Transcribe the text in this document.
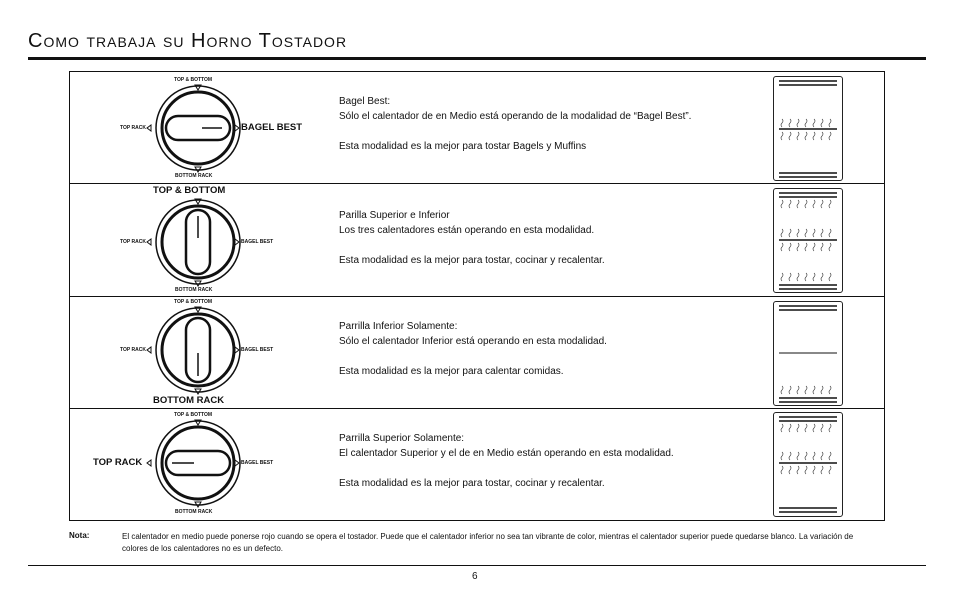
Como trabaja su Horno Tostador
TOP & BOTTOM
BOTTOM RACK
TOP RACK	BAGEL BEST

Bagel Best:

Sólo el calentador de en Medio está operando de la modalidad de “Bagel Best”.

Esta modalidad es la mejor para tostar Bagels y Muffins

TOP & BOTTOM
BOTTOM RACK
TOP RACK	BAGEL BEST

Parilla Superior e Inferior

Los tres calentadores están operando en esta modalidad.

Esta modalidad es la mejor para tostar, cocinar y recalentar.

TOP & BOTTOM
BOTTOM RACK
TOP RACK	BAGEL BEST

Parrilla Inferior Solamente:

Sólo el calentador Inferior está operando en esta modalidad.

Esta modalidad es la mejor para calentar comidas.

TOP & BOTTOM
BOTTOM RACK
TOP RACK	BAGEL BEST

Parrilla Superior Solamente:

El calentador Superior y el de en Medio están operando en esta modalidad.

Esta modalidad es la mejor para tostar, cocinar y recalentar.

Nota:	El calentador en medio puede ponerse rojo cuando se opera el tostador. Puede que el calentador inferior no sea tan vibrante de color, mientras el calentador superior puede quedarse blanco. La variación de colores de los calentadores no es un defecto.
6
